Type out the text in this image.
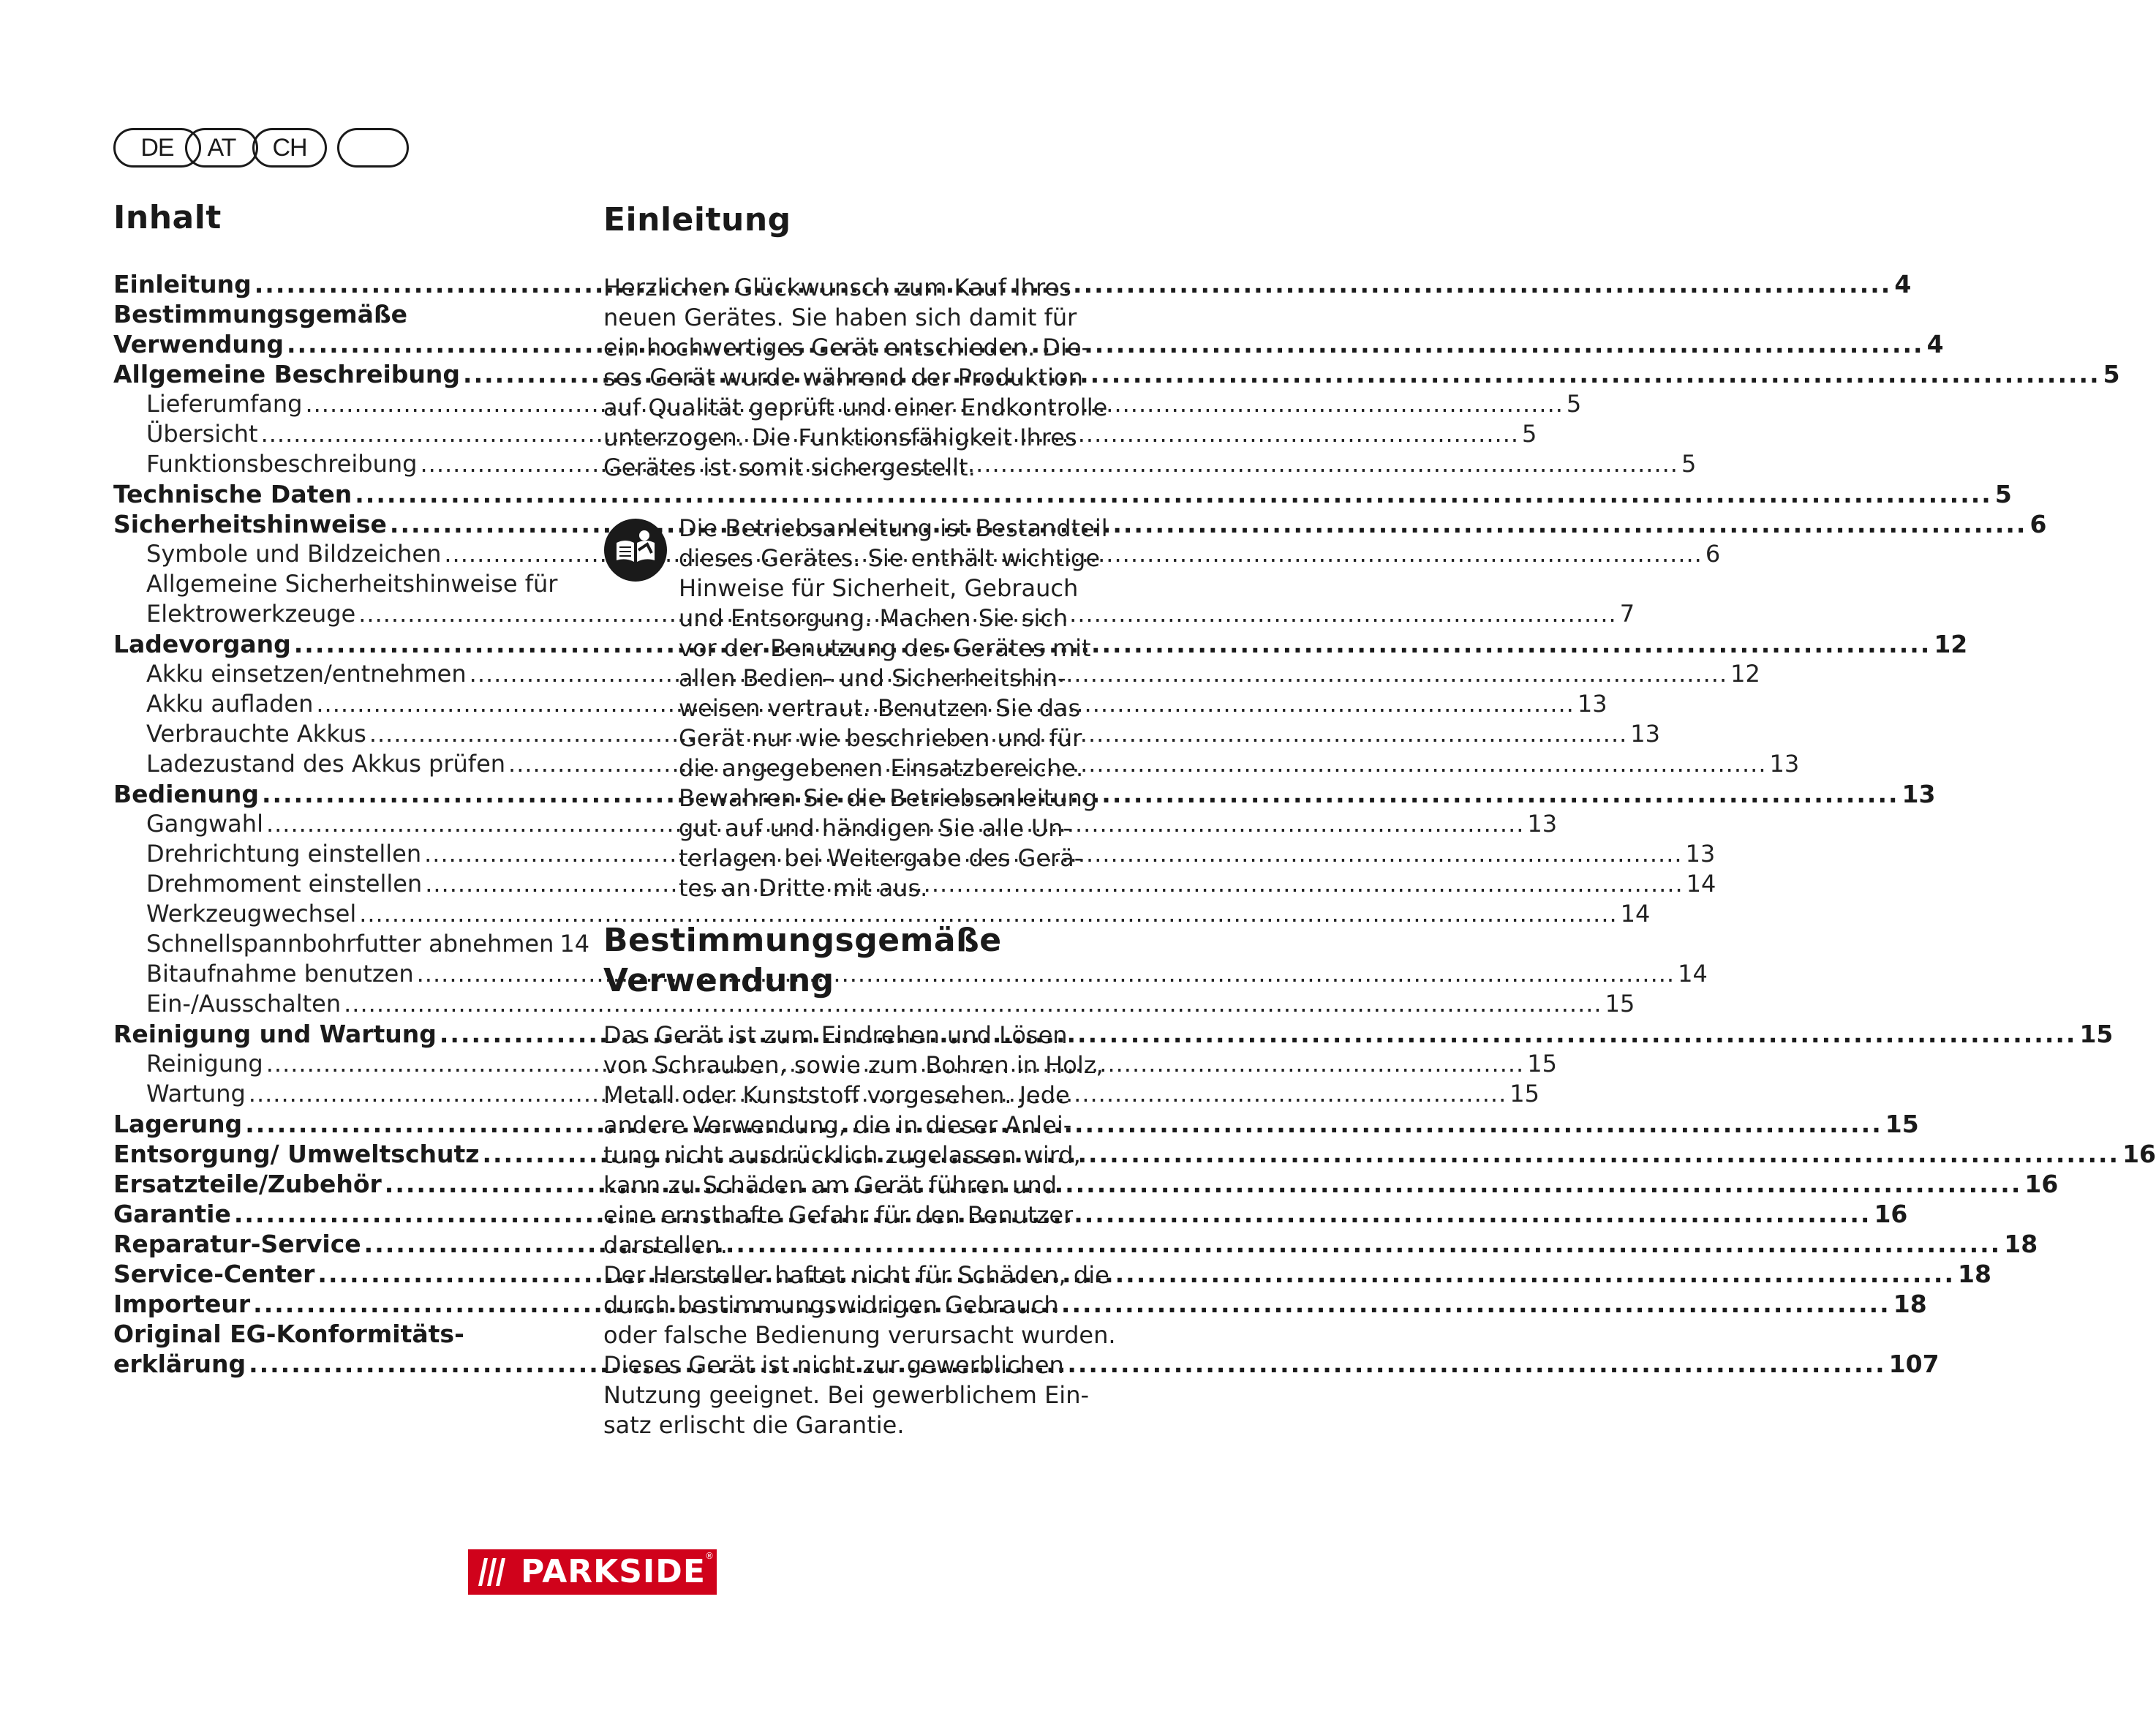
DE	CH
AT
Inhalt
Einleitung .....	4
Bestimmungsgemäße
Verwendung .....	4
Allgemeine Beschreibung .....	5
Lieferumfang .....	5
Übersicht .....	5
Funktionsbeschreibung .....	5
Technische Daten .....	5
Sicherheitshinweise .....	6
Symbole und Bildzeichen .....	6
Allgemeine Sicherheitshinweise für
Elektrowerkzeuge .....	7
Ladevorgang .....	12
Akku einsetzen/entnehmen .....	12
Akku aufladen .....	13
Verbrauchte Akkus .....	13
Ladezustand des Akkus prüfen .....	13
Bedienung .....	13
Gangwahl .....	13
Drehrichtung einstellen .....	13
Drehmoment einstellen .....	14
Werkzeugwechsel .....	14
Schnellspannbohrfutter abnehmen 14
Bitaufnahme benutzen .....	14
Ein-/Ausschalten .....	15
Reinigung und Wartung .....	15
Reinigung .....	15
Wartung .....	15
Lagerung .....	15
Entsorgung/ Umweltschutz .....	16
Ersatzteile/Zubehör .....	16
Garantie .....	16
Reparatur-Service .....	18
Service-Center .....	18
Importeur .....	18
Original EG-Konformitäts-
erklärung .....	107
Einleitung
Herzlichen Glückwunsch zum Kauf Ihres
neuen Gerätes. Sie haben sich damit für
ein hochwertiges Gerät entschieden. Die-
ses Gerät wurde während der Produktion
auf Qualität geprüft und einer Endkontrolle
unterzogen. Die Funktionsfähigkeit Ihres
Gerätes ist somit sichergestellt.
Die Betriebsanleitung ist Bestandteil
dieses Gerätes. Sie enthält wichtige
Hinweise für Sicherheit, Gebrauch
und Entsorgung. Machen Sie sich
vor der Benutzung des Gerätes mit
allen Bedien- und Sicherheitshin-
weisen vertraut. Benutzen Sie das
Gerät nur wie beschrieben und für
die angegebenen Einsatzbereiche.
Bewahren Sie die Betriebsanleitung
gut auf und händigen Sie alle Un-
terlagen bei Weitergabe des Gerä-
tes an Dritte mit aus.
Bestimmungsgemäße
Verwendung
Das Gerät ist zum Eindrehen und Lösen
von Schrauben, sowie zum Bohren in Holz,
Metall oder Kunststoff vorgesehen. Jede
andere Verwendung, die in dieser Anlei-
tung nicht ausdrücklich zugelassen wird,
kann zu Schäden am Gerät führen und
eine ernsthafte Gefahr für den Benutzer
darstellen.
Der Hersteller haftet nicht für Schäden, die
durch bestimmungswidrigen Gebrauch
oder falsche Bedienung verursacht wurden.
Dieses Gerät ist nicht zur gewerblichen
Nutzung geeignet. Bei gewerblichem Ein-
satz erlischt die Garantie.
PARKSIDE ®
